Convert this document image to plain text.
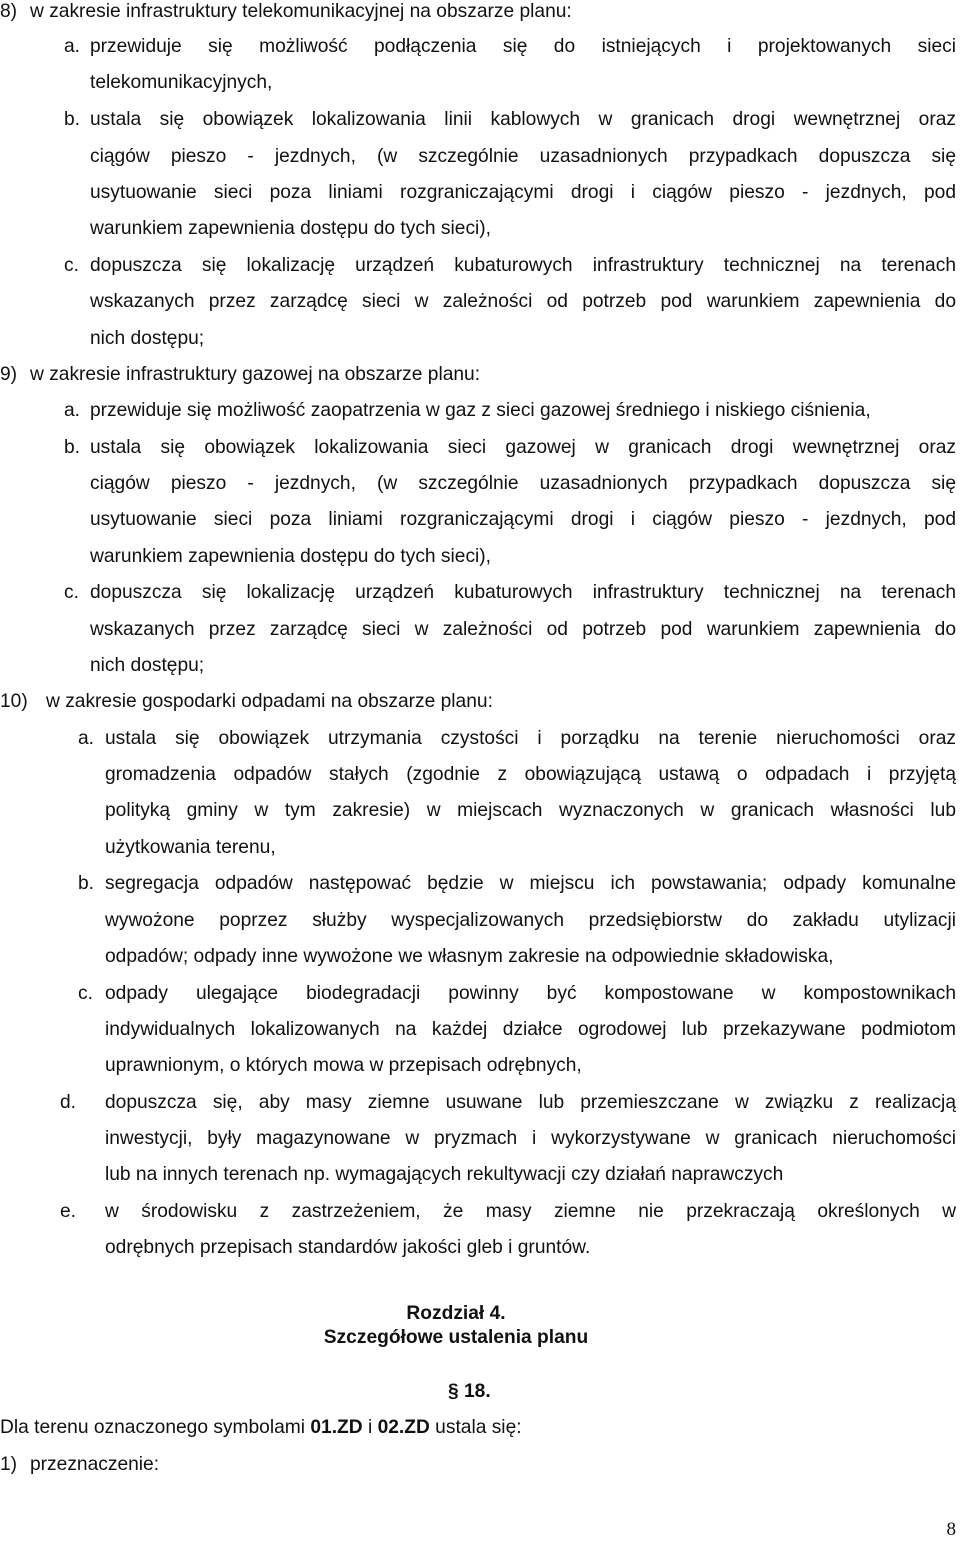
8) w zakresie infrastruktury telekomunikacyjnej na obszarze planu:
a. przewiduje się możliwość podłączenia się do istniejących i projektowanych sieci
telekomunikacyjnych,
b. ustala się obowiązek lokalizowania linii kablowych w granicach drogi wewnętrznej oraz
ciągów pieszo - jezdnych, (w szczególnie uzasadnionych przypadkach dopuszcza się
usytuowanie sieci poza liniami rozgraniczającymi drogi i ciągów pieszo - jezdnych, pod
warunkiem zapewnienia dostępu do tych sieci),
c. dopuszcza się lokalizację urządzeń kubaturowych infrastruktury technicznej na terenach
wskazanych przez zarządcę sieci w zależności od potrzeb pod warunkiem zapewnienia do
nich dostępu;
9) w zakresie infrastruktury gazowej na obszarze planu:
a. przewiduje się możliwość zaopatrzenia w gaz z sieci gazowej średniego i niskiego ciśnienia,
b. ustala się obowiązek lokalizowania sieci gazowej w granicach drogi wewnętrznej oraz
ciągów pieszo - jezdnych, (w szczególnie uzasadnionych przypadkach dopuszcza się
usytuowanie sieci poza liniami rozgraniczającymi drogi i ciągów pieszo - jezdnych, pod
warunkiem zapewnienia dostępu do tych sieci),
c. dopuszcza się lokalizację urządzeń kubaturowych infrastruktury technicznej na terenach
wskazanych przez zarządcę sieci w zależności od potrzeb pod warunkiem zapewnienia do
nich dostępu;
10) w zakresie gospodarki odpadami na obszarze planu:
a. ustala się obowiązek utrzymania czystości i porządku na terenie nieruchomości oraz
gromadzenia odpadów stałych (zgodnie z obowiązującą ustawą o odpadach i przyjętą
polityką gminy w tym zakresie) w miejscach wyznaczonych w granicach własności lub
użytkowania terenu,
b. segregacja odpadów następować będzie w miejscu ich powstawania; odpady komunalne
wywożone poprzez służby wyspecjalizowanych przedsiębiorstw do zakładu utylizacji
odpadów; odpady inne wywożone we własnym zakresie na odpowiednie składowiska,
c. odpady ulegające biodegradacji powinny być kompostowane w kompostownikach
indywidualnych lokalizowanych na każdej działce ogrodowej lub przekazywane podmiotom
uprawnionym, o których mowa w przepisach odrębnych,
d. dopuszcza się, aby masy ziemne usuwane lub przemieszczane w związku z realizacją
inwestycji, były magazynowane w pryzmach i wykorzystywane w granicach nieruchomości
lub na innych terenach np. wymagających rekultywacji czy działań naprawczych
e. w środowisku z zastrzeżeniem, że masy ziemne nie przekraczają określonych w
odrębnych przepisach standardów jakości gleb i gruntów.
Rozdział 4.
Szczegółowe ustalenia planu
§ 18.
Dla terenu oznaczonego symbolami 01.ZD i 02.ZD ustala się:
1) przeznaczenie:
8
